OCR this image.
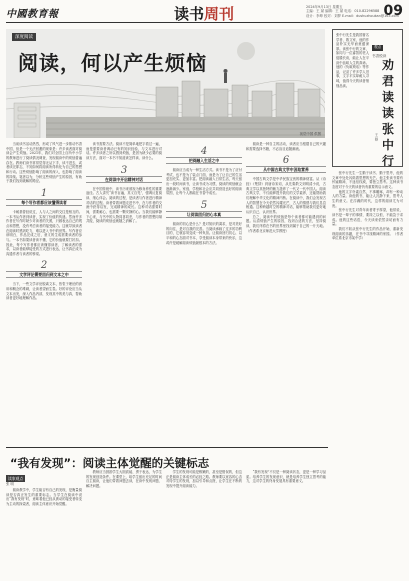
中國教育報	读书周刊	2024年9月13日 星期五
主编：王 斌 编辑：王 斌 电话：010-82296588
设计：李坤 校对：刘梦 E-mail：dushuzhoukan@163.com
09
深度阅读
阅读，何以产生烦恼
视觉中国 供图

张中行先生是我国著名学者、散文家，他的作品朴实无华而意蕴深厚。读张中行的文章，如同与一位睿智的老人促膝长谈，能让人在平淡中品味人生的真谛。他的《负暄琐话》等作品，记录了许多学人旧事，文字平实却耐人寻味，值得今天的读者细细品读。

观点
书香悦读
劝君读读张中行
王 颖

当前读书活动热烈，形成了风气进一步推动书香中国，但是一个无法回避的现象是：许多读者面对阅读会产生烦恼。2021年，我们对全国上百所中小学的教师进行了阅读情况调查，发现阅读中的烦恼普遍存在。教师们读书常常觉得无从下手，读不进去，或者读完即忘，不知如何将阅读所得转化为自己的思想和行动。这些烦恼影响了阅读的深入，也影响了阅读的持续。笔者以为，分析这些烦恼产生的原因，有助于我们找到破解的路径。

1
每个写作者都应该懂得读者

卡耐基曾经说过，人与人之间的交往是相互的。一本书从作者到读者，实现了价值的传递。然而许多作者在写作时缺少对读者的关照，只顾表达自己的观点和思想，没有考虑读者的接受能力。这就导致读者在阅读时感到吃力，难以进入书中的世界。写作者应该明白，作品完成之后，意义的生成需要读者的参与。一本书如果读者读不懂，它的价值就要打折扣。因此，每个写作者都应该懂得读者，了解读者的需求，以读者能够接受的方式进行表达，让书真正成为沟通作者与读者的桥梁。

2
文学评论需要回归到文本之中

当下，一些文学评论脱离文本，热衷于理论的套用和概念的堆砌，让读者望而生畏。好的评论应当从文本出发，深入作品内部，发现其中的美与真，帮助读者更好地理解作品。

读书需要方法。阅读不是简单地把字看过一遍，而是需要读者调动已有的知识经验，与文本进行对话。许多读者之所以感到烦恼，是因为缺少必要的阅读方法，面对一本书不知道该怎样读、读什么。

3
在阅读中开启精神对话

在中国传统中，读书历来被视为修身养性的重要途径。古人讲究“读书百遍，其义自见”，强调反复阅读、细心体会。阅读的过程，是读者与作者进行精神对话的过程。读者带着问题走进书中，在与作者的交流中获得启发，完成精神的成长。这种对话需要时间，需要耐心，也需要一颗安静的心。当我们能够静下心来，与书中的人物同喜同悲，与作者的思想同频共振，阅读的烦恼也就随之消解了。

4
把阅融入生活之中

阅读应当成为一种生活方式。读书不是为了应付考试，也不是为了装点门面，而是为了让自己的生活更加充实、更加丰富。把阅读融入日常生活，每天留出一段时间读书，让读书成为习惯，阅读的烦恼就会逐渐减少。家庭、学校和社会应共同营造良好的阅读氛围，让每个人都能在书香中成长。

5
让阅读回归初心本真

阅读的初心是什么？是对知识的渴求，是对美好的向往，是对自我的完善。当阅读承载了过多的功利目的，它就容易变成一种负担。让阅读回归初心，以平和的心态面对书本，享受阅读本身带来的快乐，这或许是破解阅读烦恼最根本的方法。

阅读是一种自主的活动，读者应当根据自己的兴趣和需要选择书籍，不必盲目追随潮流。

6
从中国古典文学中汲取营养

中国古典文学是中华民族宝贵的精神财富。从《诗经》《楚辞》到唐诗宋词，从先秦散文到明清小说，古典文学以其独特的魅力滋养了一代又一代中国人。阅读古典文学，不仅能够提升我们的文学素养，还能帮助我们理解中华文化的精神内核。在阅读中，我们会发现古人的智慧在今天依然闪耀光芒，古人的情感与我们息息相通。这种跨越时空的精神对话，能够帮助我们更好地认识自己、认识世界。

总之，阅读中的烦恼是每个读者都可能遇到的问题。认清烦恼产生的原因，找到合适的方法，坚持阅读，我们终将在书的世界里找到属于自己的一片天地。（作者系北京师范大学教授）

张中行先生一生勤于读书、勤于思考，他的文章中处处闪烁着思想的光芒。他主张读书要有怀疑精神，不迷信权威，要独立思考。这种读书态度对于今天的读者仍有重要的启示意义。

他的文字朴素自然，不事雕琢，却有一种动人的力量。读他的书，能让人沉静下来，思考人生的意义。在浮躁的时代，这样的阅读尤为可贵。

张中行先生对青年读者寄予厚望，他常说，读书是一辈子的事情，要持之以恒，不能急于求成。他的这些话语，今天读来依然亲切而有力量。

我们不妨从张中行先生的作品开始，重新发现阅读的乐趣，在书中寻找精神的家园。（作者单位系北京市某中学）

“我有发现”：阅读主体觉醒的关键标志
读家观点
张 明

阅读教学中，学生能否有自己的发现，是衡量阅读是否真正发生的重要标志。当学生在阅读中说出“我有发现”时，意味着他已经从被动的接受者转变为主动的探索者，阅读主体意识开始觉醒。

教师应当鼓励学生大胆质疑、勇于表达，为学生的发现创造条件。在课堂上，给学生留出充足的时间自主阅读，让他们带着问题去读，在读中发现问题、解决问题。

学生的发现可能是稚嫩的，甚至是错误的，但这正是阅读主体成长的必经之路。教师要以宽容的心态对待学生的发现，加以引导和点拨，让学生在不断的发现中提升阅读能力。

“我有发现”不仅是一种阅读状态，更是一种学习品质。培养学生的发现意识，就是培养学生独立思考的能力，这对学生的终身发展具有重要意义。
